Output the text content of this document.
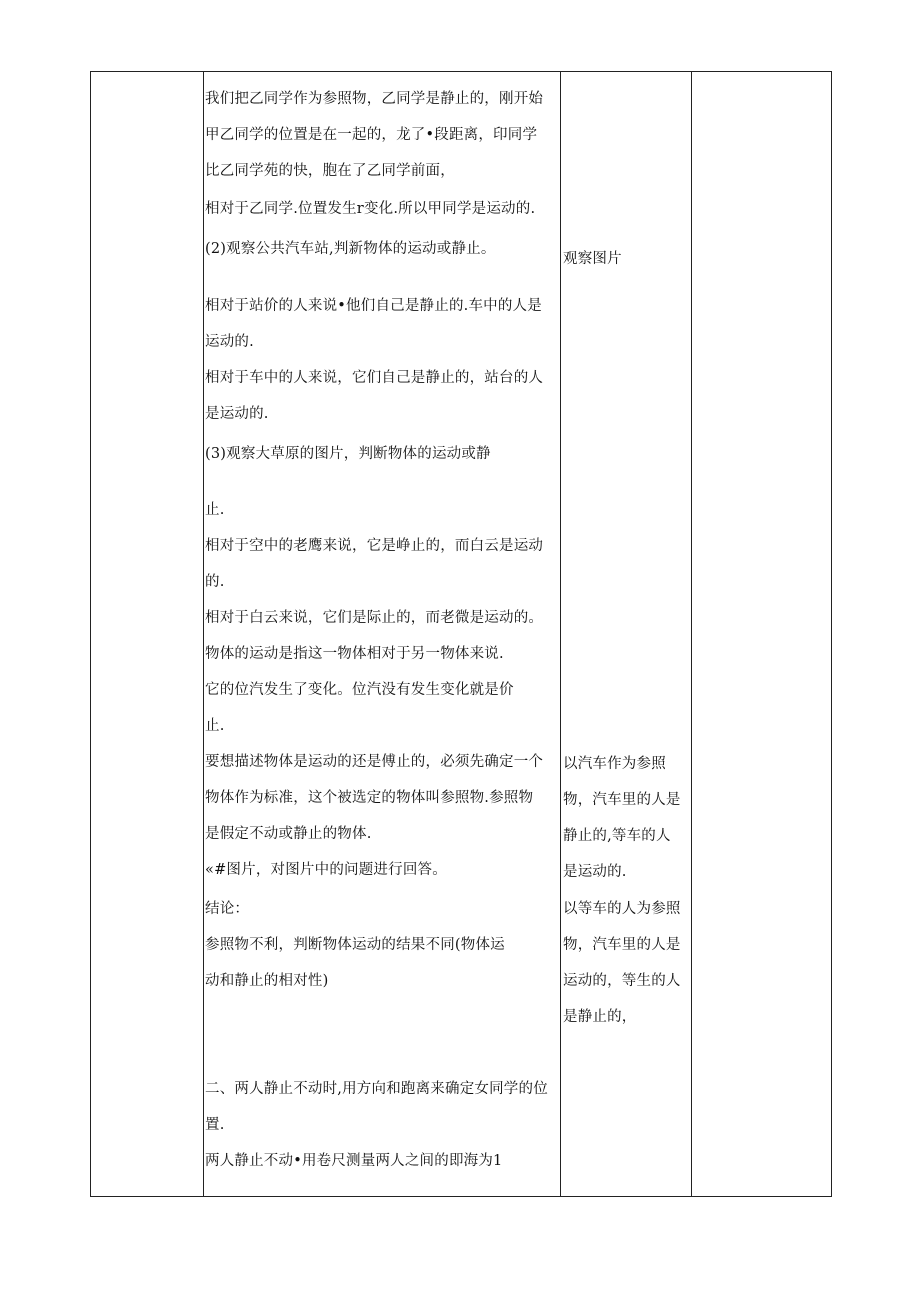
我们把乙同学作为参照物，乙同学是静止的，刚开始
甲乙同学的位置是在一起的，龙了•段距离，印同学
比乙同学苑的快，胞在了乙同学前面，
相对于乙同学.位置发生r变化.所以甲同学是运动的.
(2)观察公共汽车站,判新物体的运动或静止。
相对于站价的人来说•他们自己是静止的.车中的人是
运动的.
相对于车中的人来说，它们自己是静止的，站台的人
是运动的.
(3)观察大草原的图片，判断物体的运动或静
止.
相对于空中的老鹰来说，它是峥止的，而白云是运动
的.
相对于白云来说，它们是际止的，而老微是运动的。
物体的运动是指这一物体相对于另一物体来说.
它的位汽发生了变化。位汽没有发生变化就是价
止.
要想描述物体是运动的还是傅止的，必须先确定一个
物体作为标准，这个被选定的物体叫参照物.参照物
是假定不动或静止的物体.
«#图片，对图片中的问题进行回答。
结论：
参照物不利，判断物体运动的结果不同(物体运
动和静止的相对性)
二、两人静止不动时,用方向和跑离来确定女同学的位
置.
两人静止不动•用卷尺测量两人之间的即海为1
观察图片
以汽车作为参照
物，汽车里的人是
静止的,等车的人
是运动的.
以等车的人为参照
物，汽车里的人是
运动的，等生的人
是静止的，
